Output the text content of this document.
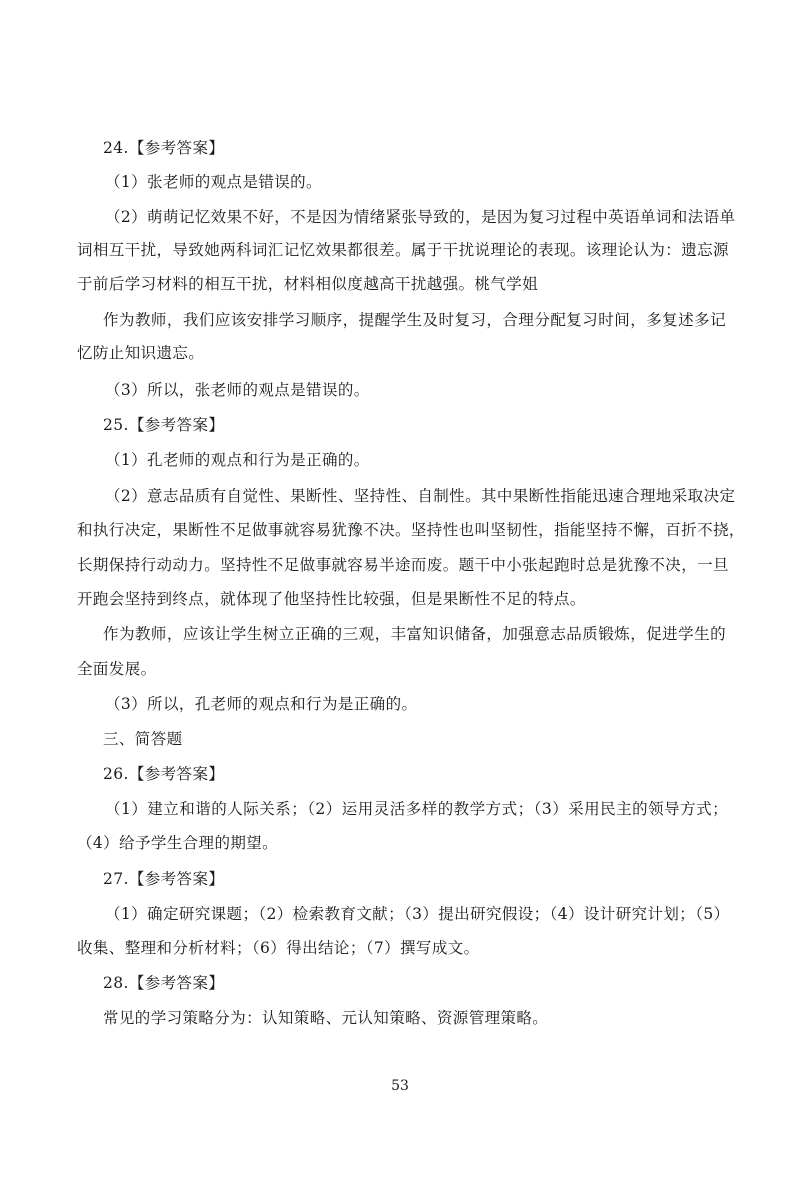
24.【参考答案】
（1）张老师的观点是错误的。
（2）萌萌记忆效果不好，不是因为情绪紧张导致的，是因为复习过程中英语单词和法语单
词相互干扰，导致她两科词汇记忆效果都很差。属于干扰说理论的表现。该理论认为：遗忘源
于前后学习材料的相互干扰，材料相似度越高干扰越强。桃气学姐
作为教师，我们应该安排学习顺序，提醒学生及时复习，合理分配复习时间，多复述多记
忆防止知识遗忘。
（3）所以，张老师的观点是错误的。
25.【参考答案】
（1）孔老师的观点和行为是正确的。
（2）意志品质有自觉性、果断性、坚持性、自制性。其中果断性指能迅速合理地采取决定
和执行决定，果断性不足做事就容易犹豫不决。坚持性也叫坚韧性，指能坚持不懈，百折不挠，
长期保持行动动力。坚持性不足做事就容易半途而废。题干中小张起跑时总是犹豫不决，一旦
开跑会坚持到终点，就体现了他坚持性比较强，但是果断性不足的特点。
作为教师，应该让学生树立正确的三观，丰富知识储备，加强意志品质锻炼，促进学生的
全面发展。
（3）所以，孔老师的观点和行为是正确的。
三、简答题
26.【参考答案】
（1）建立和谐的人际关系；（2）运用灵活多样的教学方式；（3）采用民主的领导方式；
（4）给予学生合理的期望。
27.【参考答案】
（1）确定研究课题；（2）检索教育文献；（3）提出研究假设；（4）设计研究计划；（5）
收集、整理和分析材料；（6）得出结论；（7）撰写成文。
28.【参考答案】
常见的学习策略分为：认知策略、元认知策略、资源管理策略。
53
